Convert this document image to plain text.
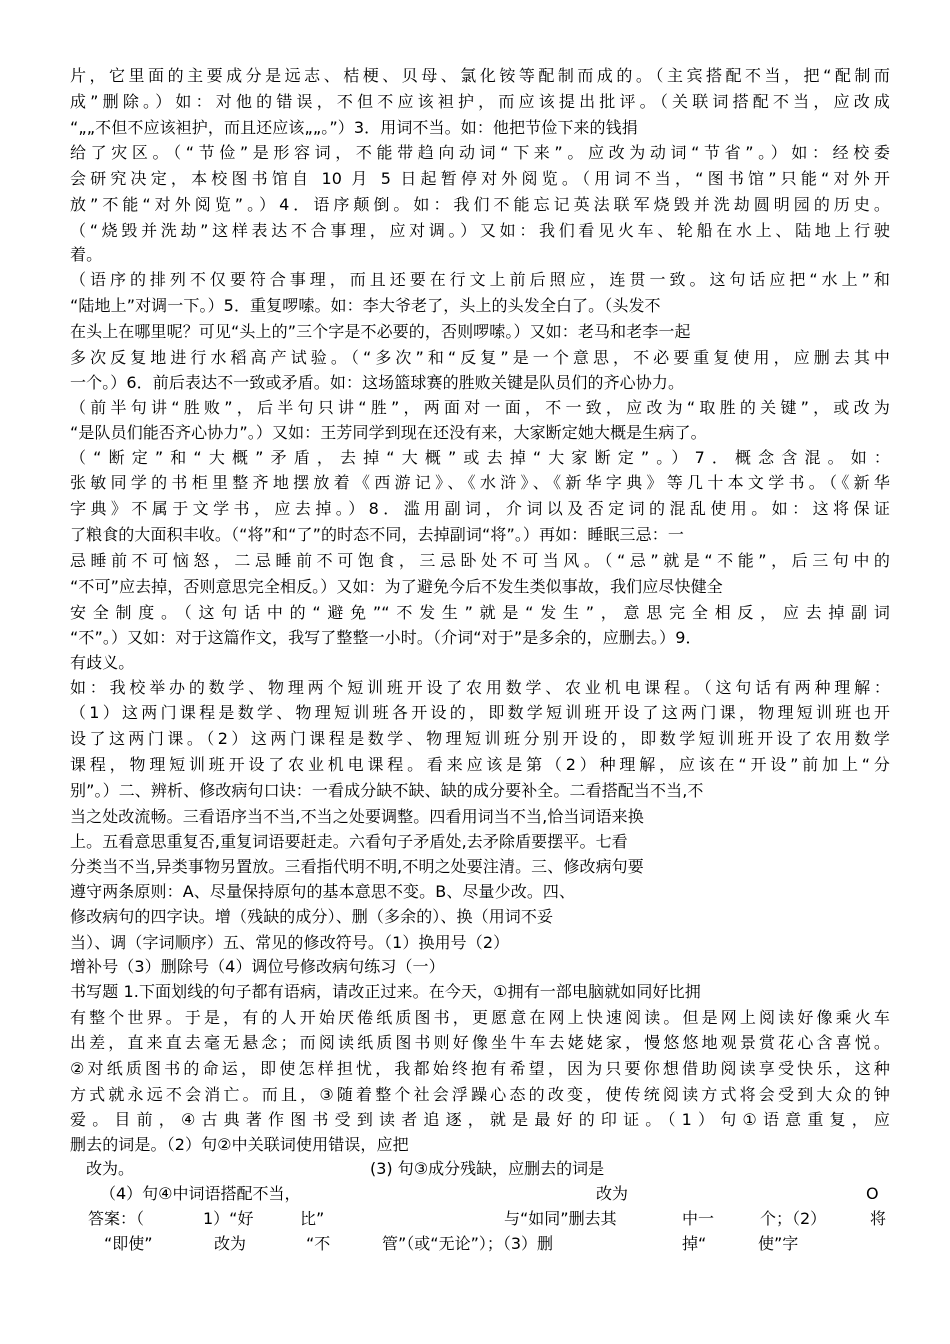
片，它里面的主要成分是远志、桔梗、贝母、氯化铵等配制而成的。（主宾搭配不当，把“配制而
成”删除。）如：对他的错误，不但不应该袒护，而应该提出批评。（关联词搭配不当，应改成
“„„不但不应该袒护，而且还应该„„。”）3．用词不当。如：他把节俭下来的钱捐
给了灾区。（“节俭”是形容词，不能带趋向动词“下来”。应改为动词“节省”。）如：经校委
会研究决定，本校图书馆自 10 月 5 日起暂停对外阅览。（用词不当，“图书馆”只能“对外开
放”不能“对外阅览”。）4．语序颠倒。如：我们不能忘记英法联军烧毁并洗劫圆明园的历史。
（“烧毁并洗劫”这样表达不合事理，应对调。）又如：我们看见火车、轮船在水上、陆地上行驶
着。
（语序的排列不仅要符合事理，而且还要在行文上前后照应，连贯一致。这句话应把“水上”和
“陆地上”对调一下。）5．重复啰嗦。如：李大爷老了，头上的头发全白了。（头发不
在头上在哪里呢？可见“头上的”三个字是不必要的，否则啰嗦。）又如：老马和老李一起
多次反复地进行水稻高产试验。（“多次”和“反复”是一个意思，不必要重复使用，应删去其中
一个。）6．前后表达不一致或矛盾。如：这场篮球赛的胜败关键是队员们的齐心协力。
（前半句讲“胜败”，后半句只讲“胜”，两面对一面，不一致，应改为“取胜的关键”，或改为
“是队员们能否齐心协力”。）又如：王芳同学到现在还没有来，大家断定她大概是生病了。
（“断定”和“大概”矛盾，去掉“大概”或去掉“大家断定”。）7．概念含混。如：
张敏同学的书柜里整齐地摆放着《西游记》、《水浒》、《新华字典》等几十本文学书。（《新华
字典》不属于文学书，应去掉。）8．滥用副词，介词以及否定词的混乱使用。如：这将保证
了粮食的大面积丰收。（“将”和“了”的时态不同，去掉副词“将”。）再如：睡眠三忌：一
忌睡前不可恼怒，二忌睡前不可饱食，三忌卧处不可当风。（“忌”就是“不能”，后三句中的
“不可”应去掉，否则意思完全相反。）又如：为了避免今后不发生类似事故，我们应尽快健全
安全制度。（这句话中的“避免”“不发生”就是“发生”，意思完全相反，应去掉副词
“不”。）又如：对于这篇作文，我写了整整一小时。（介词“对于”是多余的，应删去。）9．
有歧义。
如：我校举办的数学、物理两个短训班开设了农用数学、农业机电课程。（这句话有两种理解：
（1）这两门课程是数学、物理短训班各开设的，即数学短训班开设了这两门课，物理短训班也开
设了这两门课。（2）这两门课程是数学、物理短训班分别开设的，即数学短训班开设了农用数学
课程，物理短训班开设了农业机电课程。看来应该是第（2）种理解，应该在“开设”前加上“分
别”。）二、辨析、修改病句口诀：一看成分缺不缺、缺的成分要补全。二看搭配当不当,不
当之处改流畅。三看语序当不当,不当之处要调整。四看用词当不当,恰当词语来换
上。五看意思重复否,重复词语要赶走。六看句子矛盾处,去矛除盾要摆平。七看
分类当不当,异类事物另置放。三看指代明不明,不明之处要注清。三、修改病句要
遵守两条原则：A、尽量保持原句的基本意思不变。B、尽量少改。四、
修改病句的四字诀。增（残缺的成分）、删（多余的）、换（用词不妥
当）、调（字词顺序）五、常见的修改符号。（1）换用号（2）
增补号（3）删除号（4）调位号修改病句练习（一）
书写题 1.下面划线的句子都有语病，请改正过来。在今天，①拥有一部电脑就如同好比拥
有整个世界。于是，有的人开始厌倦纸质图书，更愿意在网上快速阅读。但是网上阅读好像乘火车
出差，直来直去毫无悬念；而阅读纸质图书则好像坐牛车去姥姥家，慢悠悠地观景赏花心含喜悦。
②对纸质图书的命运，即使怎样担忧，我都始终抱有希望，因为只要你想借助阅读享受快乐，这种
方式就永远不会消亡。而且，③随着整个社会浮躁心态的改变，使传统阅读方式将会受到大众的钟
爱。目前，④古典著作图书受到读者追逐，就是最好的印证。（1）句①语意重复，应
删去的词是。（2）句②中关联词使用错误，应把
改为。	(3) 句③成分残缺，应删去的词是
（4）句④中词语搭配不当，	改为	O
答案：（	1）“好	比”	与“如同”删去其	中一	个；（2）	将
“即使”	改为	“不	管”（或“无论”）；（3）删	掉“	使”字
